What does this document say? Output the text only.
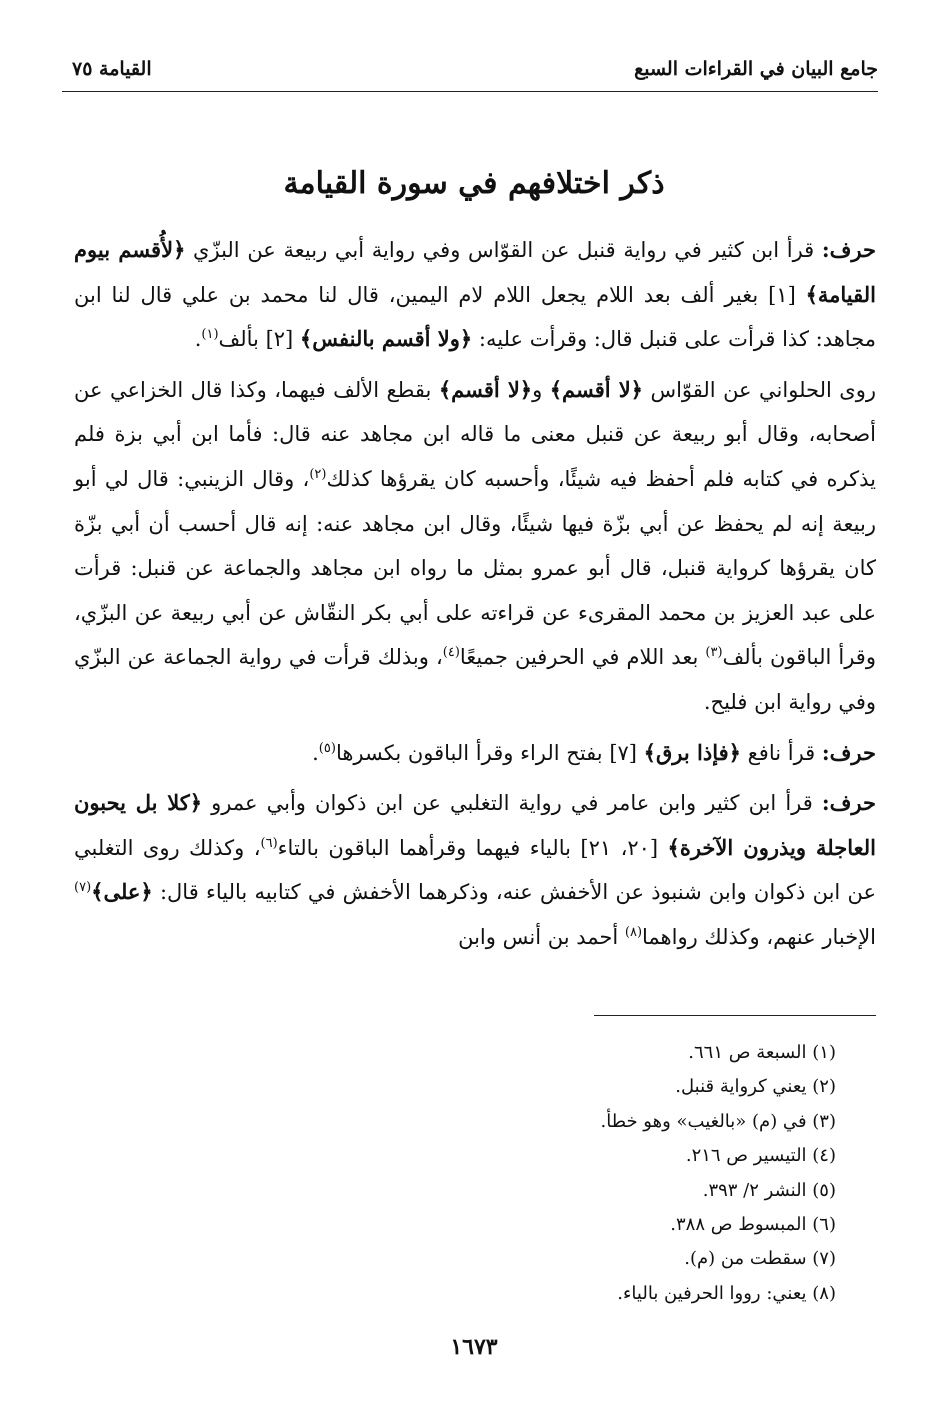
جامع البيان في القراءات السبع
القيامة ٧٥
ذكر اختلافهم في سورة القيامة

حرف: قرأ ابن كثير في رواية قنبل عن القوّاس وفي رواية أبي ربيعة عن البزّي ﴿لأُقسم بيوم القيامة﴾ [١] بغير ألف بعد اللام يجعل اللام لام اليمين، قال لنا محمد بن علي قال لنا ابن مجاهد: كذا قرأت على قنبل قال: وقرأت عليه: ﴿ولا أقسم بالنفس﴾ [٢] بألف$^{(١)}$.

روى الحلواني عن القوّاس ﴿لا أقسم﴾ و﴿لا أقسم﴾ بقطع الألف فيهما، وكذا قال الخزاعي عن أصحابه، وقال أبو ربيعة عن قنبل معنى ما قاله ابن مجاهد عنه قال: فأما ابن أبي بزة فلم يذكره في كتابه فلم أحفظ فيه شيئًا، وأحسبه كان يقرؤها كذلك$^{(٢)}$، وقال الزينبي: قال لي أبو ربيعة إنه لم يحفظ عن أبي بزّة فيها شيئًا، وقال ابن مجاهد عنه: إنه قال أحسب أن أبي بزّة كان يقرؤها كرواية قنبل، قال أبو عمرو بمثل ما رواه ابن مجاهد والجماعة عن قنبل: قرأت على عبد العزيز بن محمد المقرىء عن قراءته على أبي بكر النقّاش عن أبي ربيعة عن البزّي، وقرأ الباقون بألف$^{(٣)}$ بعد اللام في الحرفين جميعًا$^{(٤)}$، وبذلك قرأت في رواية الجماعة عن البزّي وفي رواية ابن فليح.

حرف: قرأ نافع ﴿فإذا برق﴾ [٧] بفتح الراء وقرأ الباقون بكسرها$^{(٥)}$.

حرف: قرأ ابن كثير وابن عامر في رواية التغلبي عن ابن ذكوان وأبي عمرو ﴿كلا بل يحبون العاجلة ويذرون الآخرة﴾ [٢٠، ٢١] بالياء فيهما وقرأهما الباقون بالتاء$^{(٦)}$، وكذلك روى التغلبي عن ابن ذكوان وابن شنبوذ عن الأخفش عنه، وذكرهما الأخفش في كتابيه بالياء قال: ﴿على﴾$^{(٧)}$ الإخبار عنهم، وكذلك رواهما$^{(٨)}$ أحمد بن أنس وابن

(١) السبعة ص ٦٦١.
(٢) يعني كرواية قنبل.
(٣) في (م) «بالغيب» وهو خطأ.
(٤) التيسير ص ٢١٦.
(٥) النشر ٢/ ٣٩٣.
(٦) المبسوط ص ٣٨٨.
(٧) سقطت من (م).
(٨) يعني: رووا الحرفين بالياء.
١٦٧٣
